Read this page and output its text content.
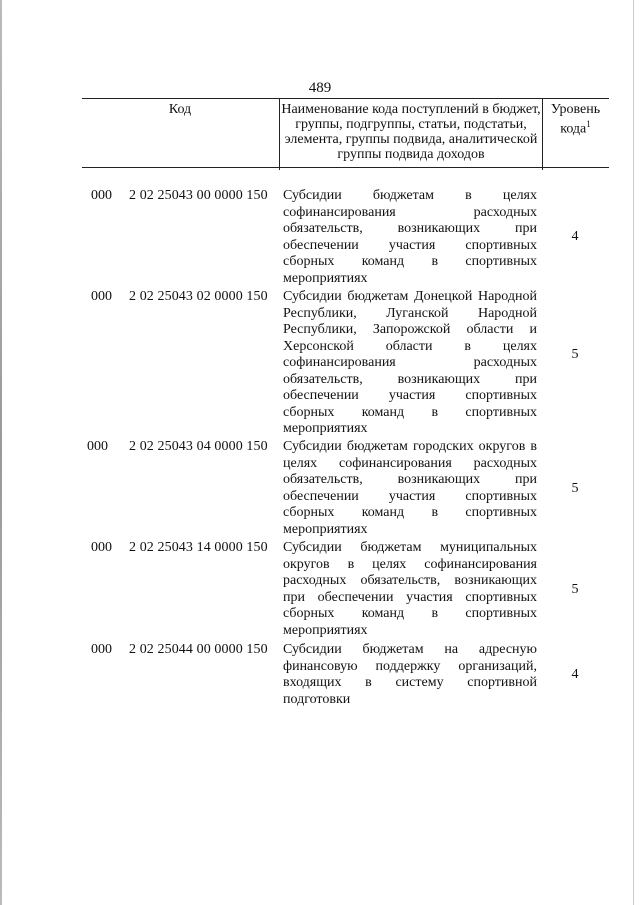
489
Код	Наименование кода поступлений в бюджет, группы, подгруппы, статьи, подстатьи, элемента, группы подвида, аналитической группы подвида доходов
Уровень кода$^1$
000 2 02 25043 00 0000 150 Субсидии бюджетам в целях софинансирования расходных обязательств, возникающих при обеспечении участия спортивных сборных команд в спортивных мероприятиях
4
000 2 02 25043 02 0000 150 Субсидии бюджетам Донецкой Народной Республики, Луганской Народной Республики, Запорожской области и Херсонской области в целях софинансирования расходных обязательств, возникающих при обеспечении участия спортивных сборных команд в спортивных мероприятиях
5
000 2 02 25043 04 0000 150 Субсидии бюджетам городских округов в целях софинансирования расходных обязательств, возникающих при обеспечении участия спортивных сборных команд в спортивных мероприятиях
5
000 2 02 25043 14 0000 150 Субсидии бюджетам муниципальных округов в целях софинансирования расходных обязательств, возникающих при обеспечении участия спортивных сборных команд в спортивных мероприятиях
5
000 2 02 25044 00 0000 150 Субсидии бюджетам на адресную финансовую поддержку организаций, входящих в систему спортивной подготовки
4
